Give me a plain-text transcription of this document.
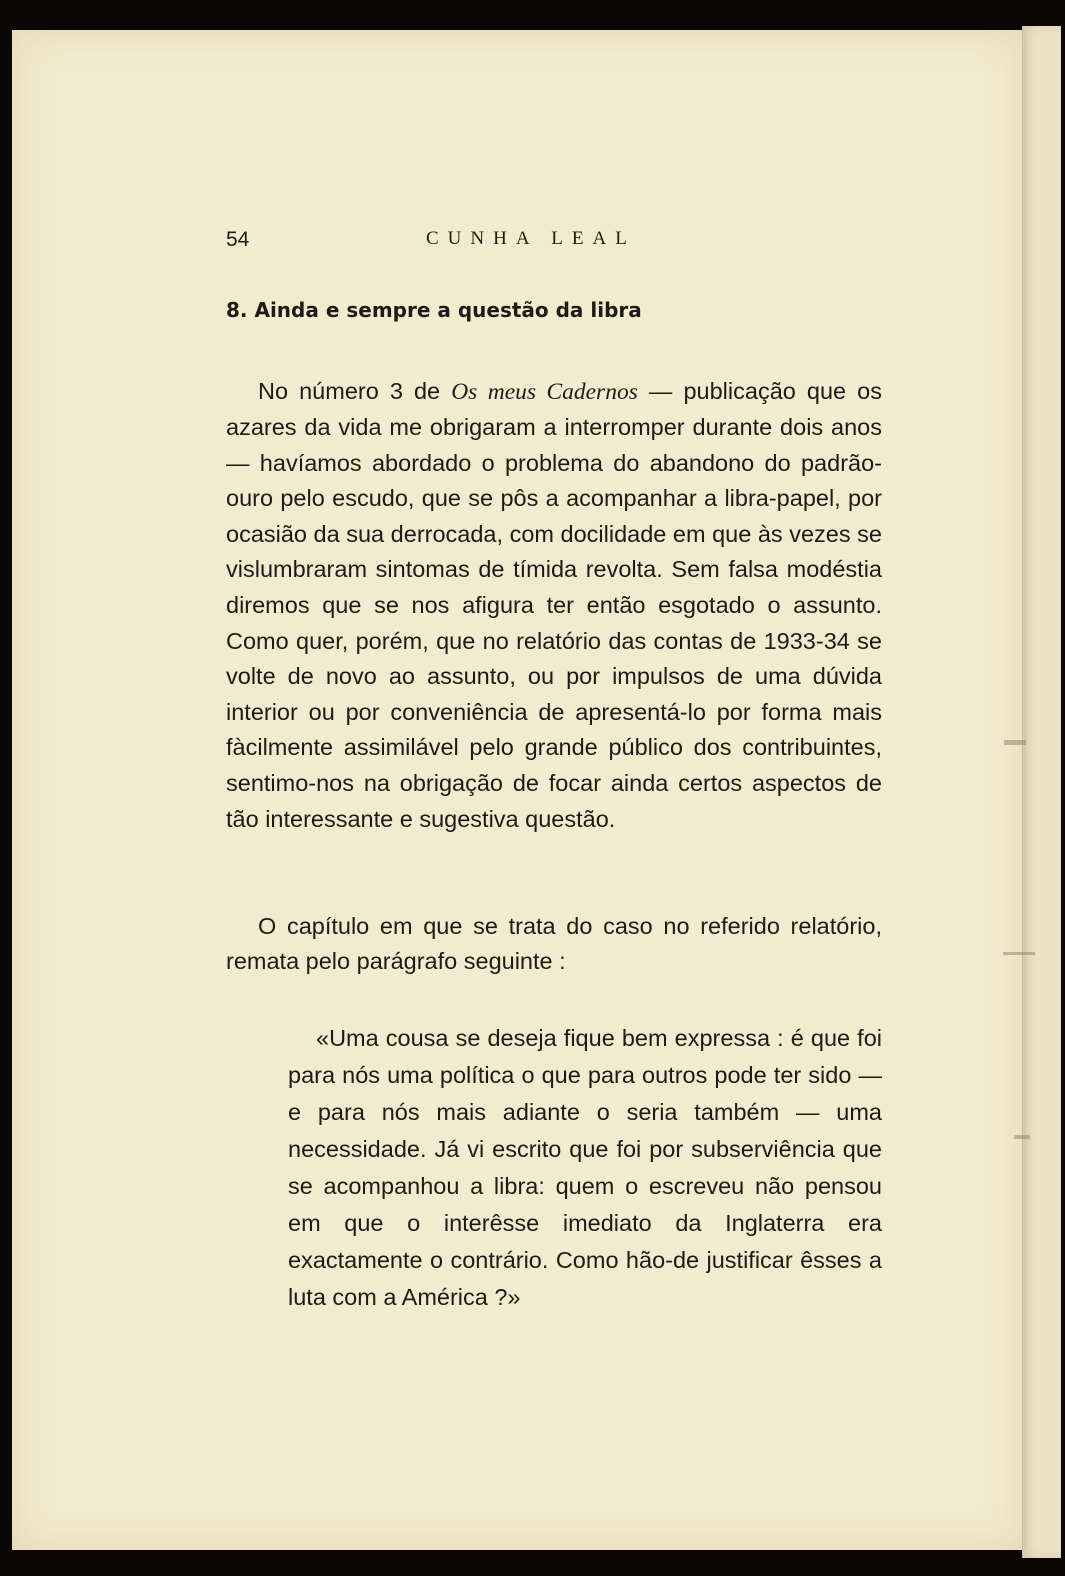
54	CUNHA LEAL
8. Ainda e sempre a questão da libra

No número 3 de Os meus Cadernos — publicação que os azares da vida me obrigaram a interromper durante dois anos — havíamos abordado o problema do abandono do padrão-ouro pelo escudo, que se pôs a acompanhar a libra-papel, por ocasião da sua derrocada, com docilidade em que às vezes se vislumbraram sintomas de tímida revolta. Sem falsa modéstia diremos que se nos afigura ter então esgotado o assunto. Como quer, porém, que no relatório das contas de 1933-34 se volte de novo ao assunto, ou por impulsos de uma dúvida interior ou por conveniência de apresentá-lo por forma mais fàcilmente assimilável pelo grande público dos contribuintes, sentimo-nos na obrigação de focar ainda certos aspectos de tão interessante e sugestiva questão.

O capítulo em que se trata do caso no referido relatório, remata pelo parágrafo seguinte :

«Uma cousa se deseja fique bem expressa : é que foi para nós uma política o que para outros pode ter sido — e para nós mais adiante o seria também — uma necessidade. Já vi escrito que foi por subserviência que se acompanhou a libra: quem o escreveu não pensou em que o interêsse imediato da Inglaterra era exactamente o contrário. Como hão-de justificar êsses a luta com a América ?»
